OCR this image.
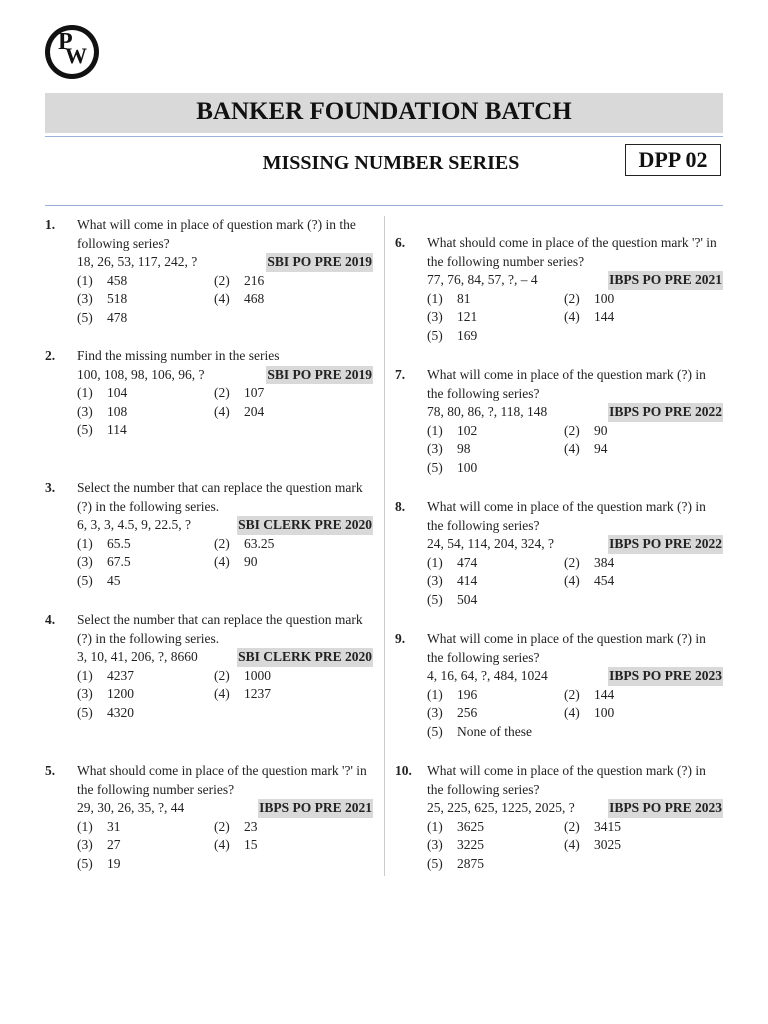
P
W
BANKER FOUNDATION BATCH
MISSING NUMBER SERIES	DPP 02
1. What will come in place of question mark (?) in the following series?
18, 26, 53, 117, 242, ?	SBI PO PRE 2019
(1) 458	(2) 216
(3) 518	(4) 468
(5) 478
2. Find the missing number in the series
100, 108, 98, 106, 96, ?	SBI PO PRE 2019
(1) 104	(2) 107
(3) 108	(4) 204
(5) 114
3. Select the number that can replace the question mark (?) in the following series.
6, 3, 3, 4.5, 9, 22.5, ?	SBI CLERK PRE 2020
(1) 65.5	(2) 63.25
(3) 67.5	(4) 90
(5) 45
4. Select the number that can replace the question mark (?) in the following series.
3, 10, 41, 206, ?, 8660	SBI CLERK PRE 2020
(1) 4237	(2) 1000
(3) 1200	(4) 1237
(5) 4320
5. What should come in place of the question mark '?' in the following number series?
29, 30, 26, 35, ?, 44	IBPS PO PRE 2021
(1) 31	(2) 23
(3) 27	(4) 15
(5) 19
6. What should come in place of the question mark '?' in the following number series?
77, 76, 84, 57, ?, – 4	IBPS PO PRE 2021
(1) 81	(2) 100
(3) 121	(4) 144
(5) 169
7. What will come in place of the question mark (?) in the following series?
78, 80, 86, ?, 118, 148	IBPS PO PRE 2022
(1) 102	(2) 90
(3) 98	(4) 94
(5) 100
8. What will come in place of the question mark (?) in the following series?
24, 54, 114, 204, 324, ?	IBPS PO PRE 2022
(1) 474	(2) 384
(3) 414	(4) 454
(5) 504
9. What will come in place of the question mark (?) in the following series?
4, 16, 64, ?, 484, 1024	IBPS PO PRE 2023
(1) 196	(2) 144
(3) 256	(4) 100
(5) None of these
10. What will come in place of the question mark (?) in the following series?
25, 225, 625, 1225, 2025, ?	IBPS PO PRE 2023
(1) 3625	(2) 3415
(3) 3225	(4) 3025
(5) 2875
